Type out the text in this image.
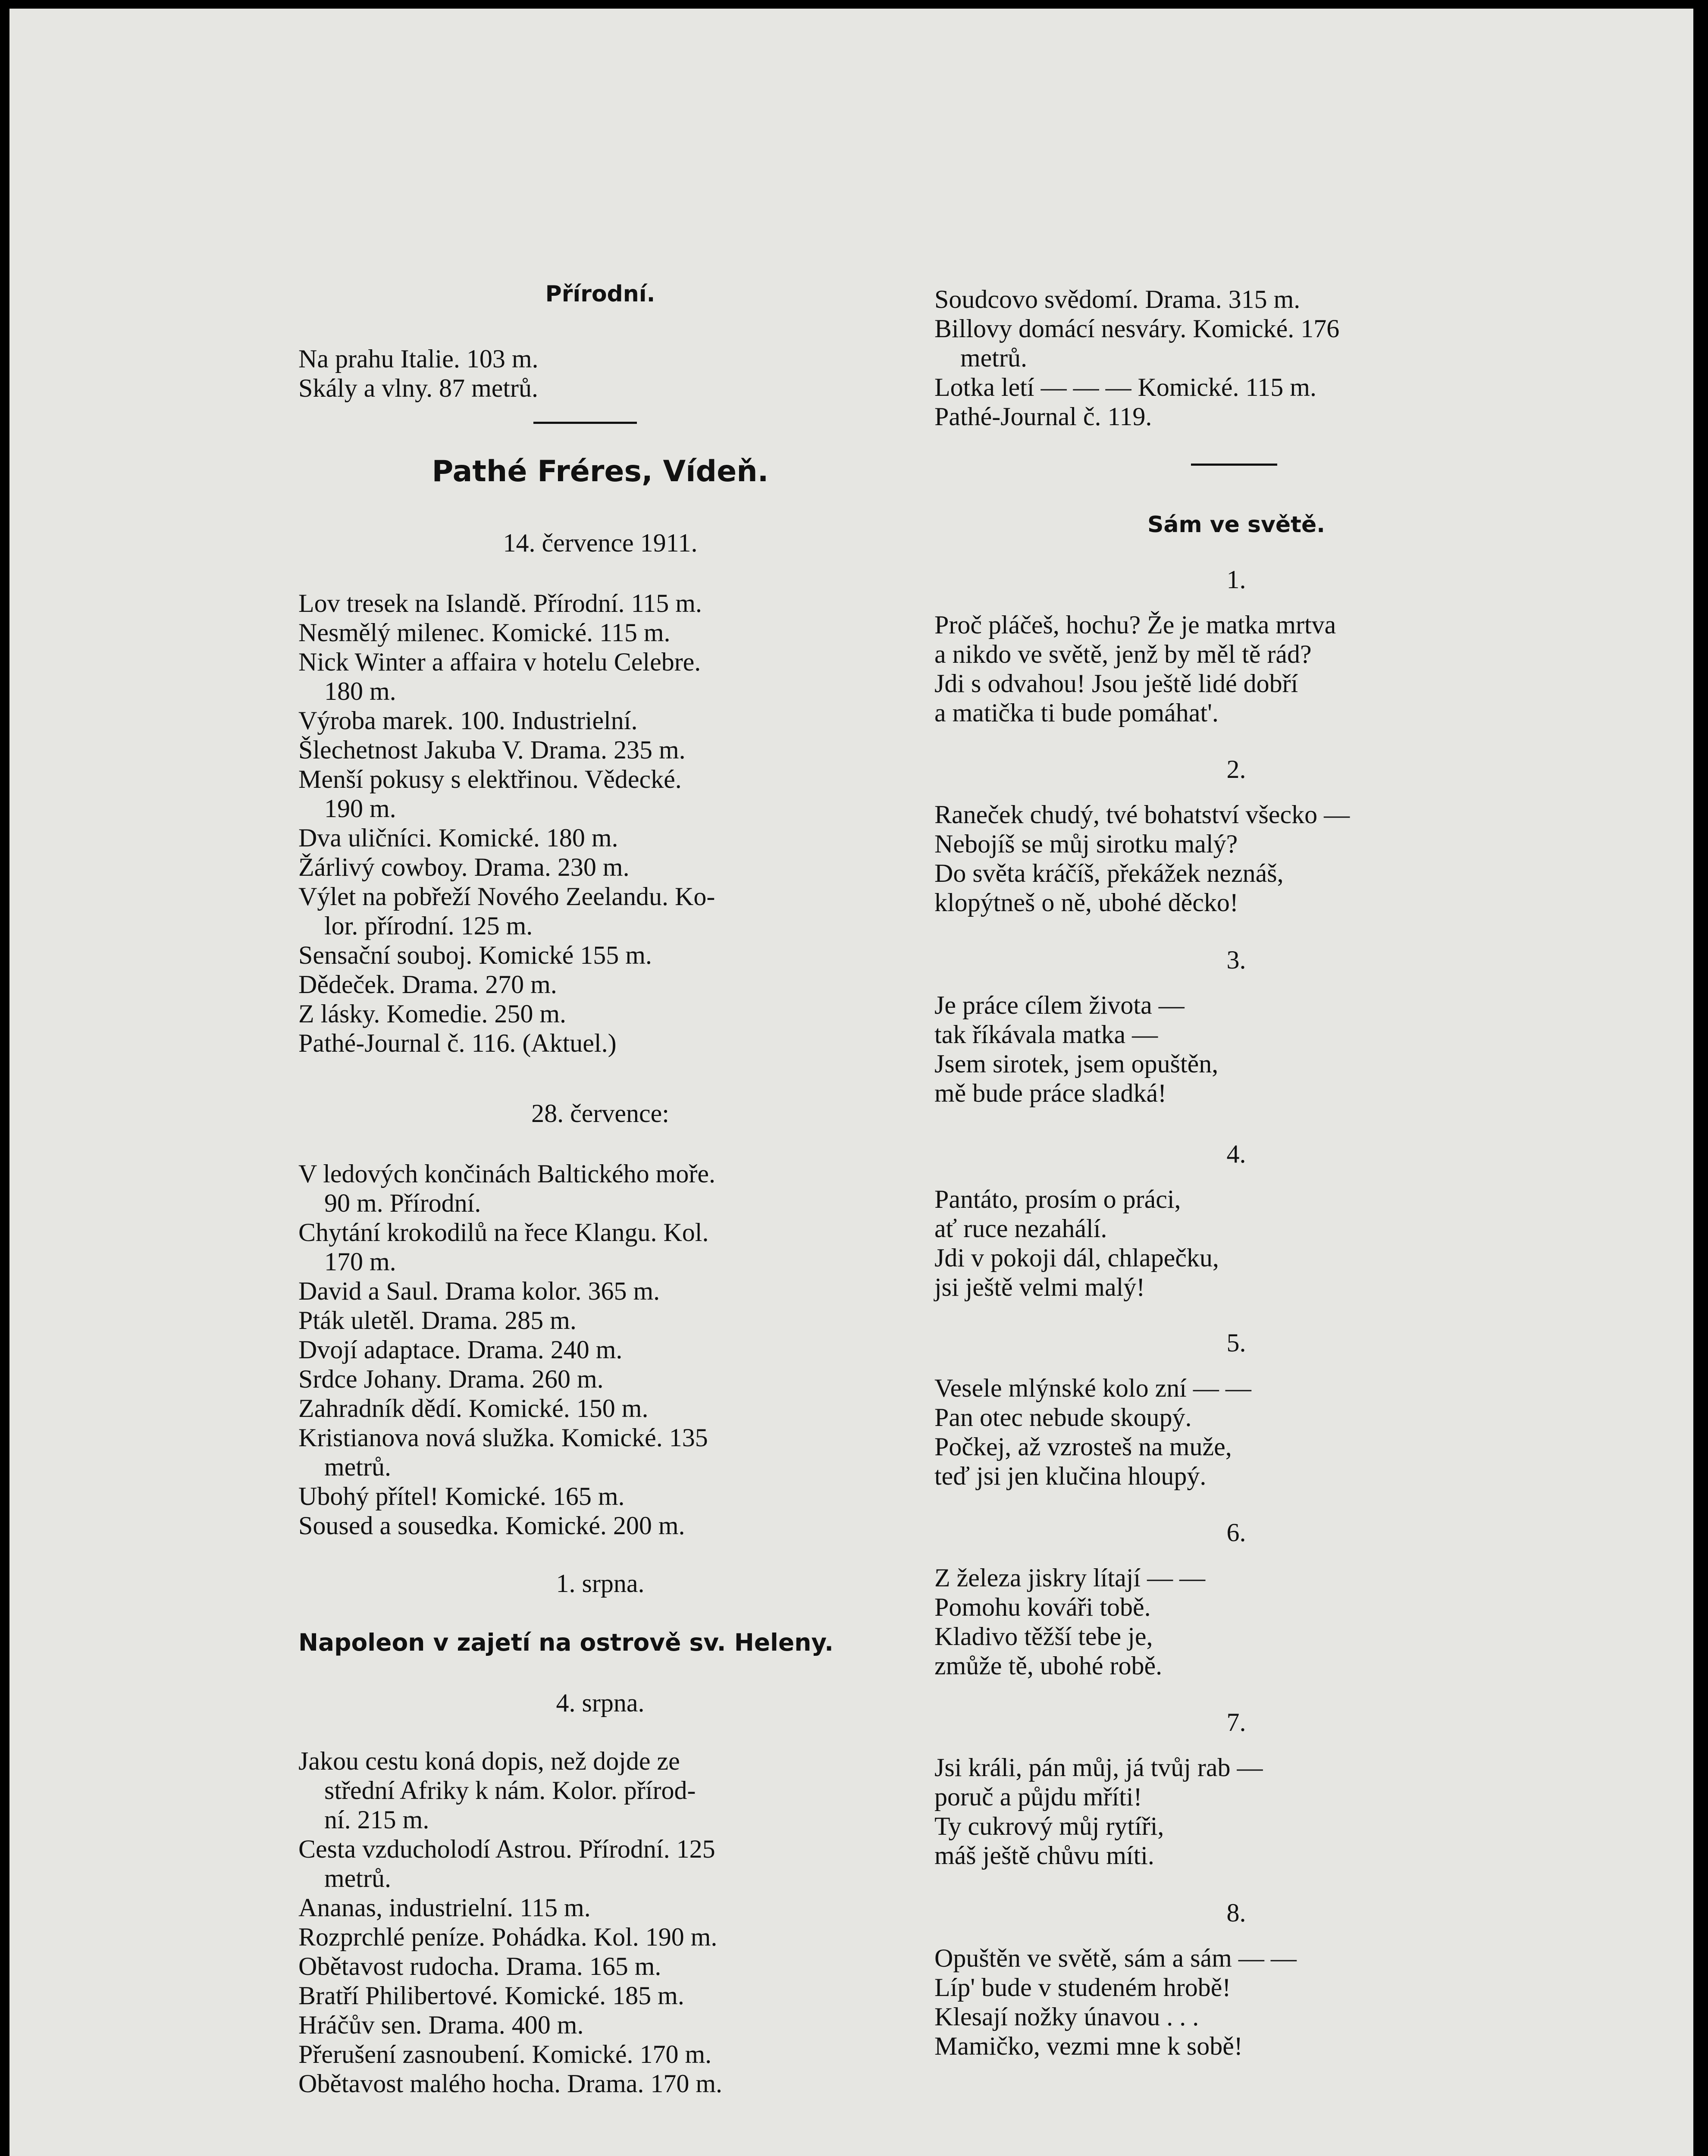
Přírodní.
Na prahu Italie. 103 m.
Skály a vlny. 87 metrů.
Pathé Fréres, Vídeň.
14. července 1911.
Lov tresek na Islandě. Přírodní. 115 m.
Nesmělý milenec. Komické. 115 m.
Nick Winter a affaira v hotelu Celebre.
180 m.
Výroba marek. 100. Industrielní.
Šlechetnost Jakuba V. Drama. 235 m.
Menší pokusy s elektřinou. Vědecké.
190 m.
Dva uličníci. Komické. 180 m.
Žárlivý cowboy. Drama. 230 m.
Výlet na pobřeží Nového Zeelandu. Ko-
lor. přírodní. 125 m.
Sensační souboj. Komické 155 m.
Dědeček. Drama. 270 m.
Z lásky. Komedie. 250 m.
Pathé-Journal č. 116. (Aktuel.)
28. července:
V ledových končinách Baltického moře.
90 m. Přírodní.
Chytání krokodilů na řece Klangu. Kol.
170 m.
David a Saul. Drama kolor. 365 m.
Pták uletěl. Drama. 285 m.
Dvojí adaptace. Drama. 240 m.
Srdce Johany. Drama. 260 m.
Zahradník dědí. Komické. 150 m.
Kristianova nová služka. Komické. 135
metrů.
Ubohý přítel! Komické. 165 m.
Soused a sousedka. Komické. 200 m.
1. srpna.
Napoleon v zajetí na ostrově sv. Heleny.
4. srpna.
Jakou cestu koná dopis, než dojde ze
střední Afriky k nám. Kolor. přírod-
ní. 215 m.
Cesta vzducholodí Astrou. Přírodní. 125
metrů.
Ananas, industrielní. 115 m.
Rozprchlé peníze. Pohádka. Kol. 190 m.
Obětavost rudocha. Drama. 165 m.
Bratří Philibertové. Komické. 185 m.
Hráčův sen. Drama. 400 m.
Přerušení zasnoubení. Komické. 170 m.
Obětavost malého hocha. Drama. 170 m.
Soudcovo svědomí. Drama. 315 m.
Billovy domácí nesváry. Komické. 176
metrů.
Lotka letí — — — Komické. 115 m.
Pathé-Journal č. 119.
Sám ve světě.
1.
Proč pláčeš, hochu? Že je matka mrtva
a nikdo ve světě, jenž by měl tě rád?
Jdi s odvahou! Jsou ještě lidé dobří
a matička ti bude pomáhat'.
2.
Raneček chudý, tvé bohatství všecko —
Nebojíš se můj sirotku malý?
Do světa kráčíš, překážek neznáš,
klopýtneš o ně, ubohé děcko!
3.
Je práce cílem života —
tak říkávala matka —
Jsem sirotek, jsem opuštěn,
mě bude práce sladká!
4.
Pantáto, prosím o práci,
ať ruce nezahálí.
Jdi v pokoji dál, chlapečku,
jsi ještě velmi malý!
5.
Vesele mlýnské kolo zní — —
Pan otec nebude skoupý.
Počkej, až vzrosteš na muže,
teď jsi jen klučina hloupý.
6.
Z železa jiskry lítají — —
Pomohu kováři tobě.
Kladivo těžší tebe je,
zmůže tě, ubohé robě.
7.
Jsi králi, pán můj, já tvůj rab —
poruč a půjdu mříti!
Ty cukrový můj rytíři,
máš ještě chůvu míti.
8.
Opuštěn ve světě, sám a sám — —
Líp' bude v studeném hrobě!
Klesají nožky únavou . . .
Mamičko, vezmi mne k sobě!
